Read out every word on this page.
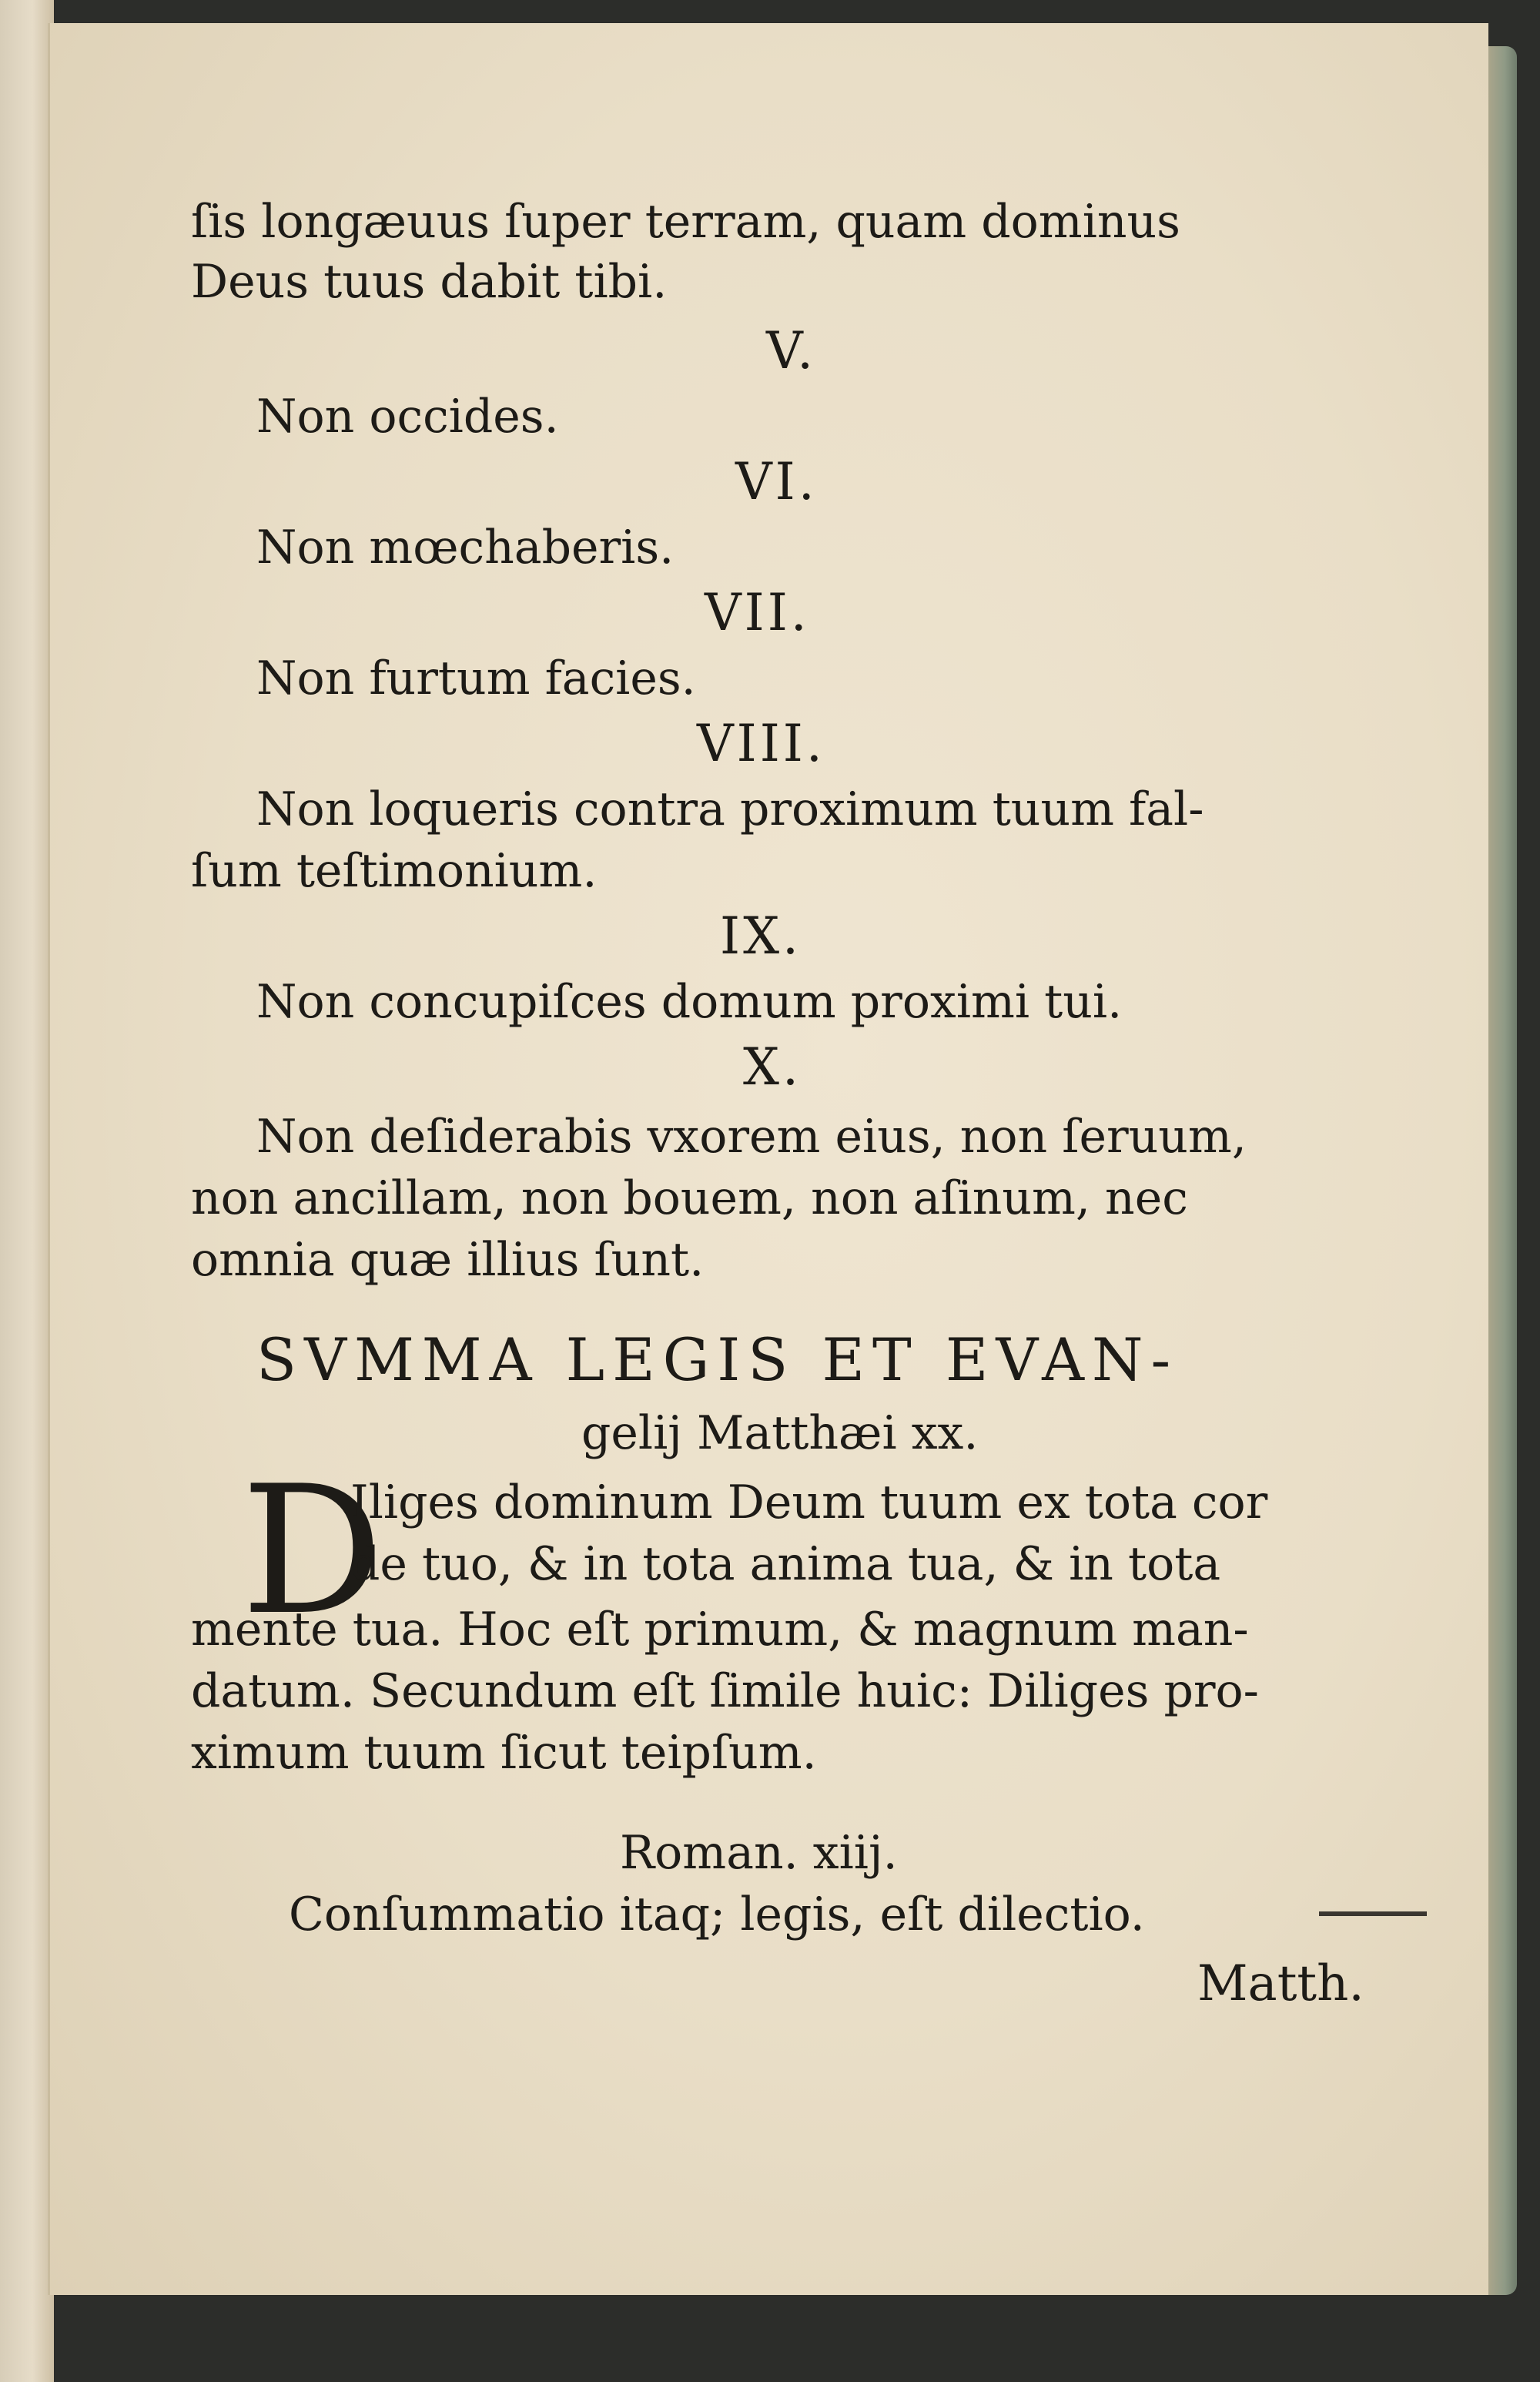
ſis longæuus ſuper terram, quam dominus
Deus tuus dabit tibi.
V.
Non occides.
VI.
Non mœchaberis.
VII.
Non furtum facies.
VIII.
Non loqueris contra proximum tuum fal-
ſum teſtimonium.
IX.
Non concupiſces domum proximi tui.
X.
Non deſiderabis vxorem eius, non ſeruum,
non ancillam, non bouem, non aſinum, nec
omnia quæ illius ſunt.
SVMMA LEGIS ET EVAN-
gelij Matthæi xx.
D
Iliges dominum Deum tuum ex tota cor
de tuo, & in tota anima tua, & in tota
mente tua. Hoc eſt primum, & magnum man-
datum. Secundum eſt ſimile huic: Diliges pro-
ximum tuum ſicut teipſum.
Roman. xiij.
Conſummatio itaq; legis, eſt dilectio.
Matth.
